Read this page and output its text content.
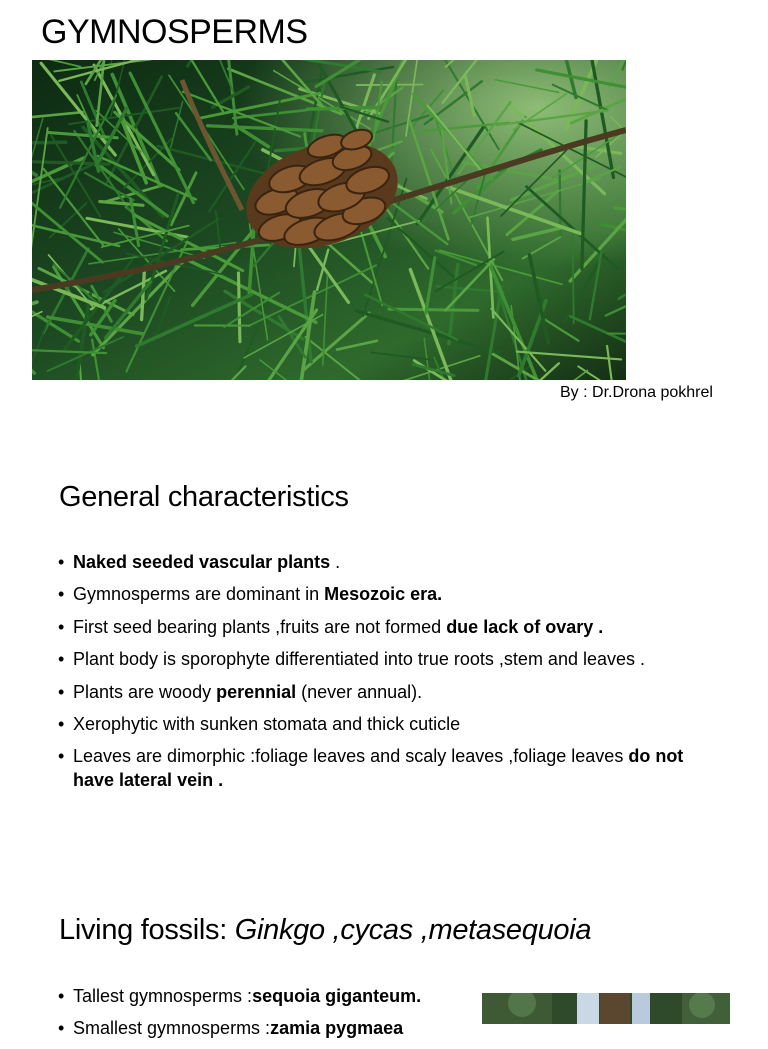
GYMNOSPERMS
By : Dr.Drona pokhrel
General characteristics
• Naked seeded vascular plants .
• Gymnosperms are dominant in Mesozoic era.
• First seed bearing plants ,fruits are not formed due lack of ovary .
• Plant body is sporophyte differentiated into true roots ,stem and leaves .
• Plants are woody perennial (never annual).
• Xerophytic with sunken stomata and thick cuticle
• Leaves are dimorphic :foliage leaves and scaly leaves ,foliage leaves do not have lateral vein .
Living fossils: Ginkgo ,cycas ,metasequoia
• Tallest gymnosperms :sequoia giganteum.
• Smallest gymnosperms :zamia pygmaea
